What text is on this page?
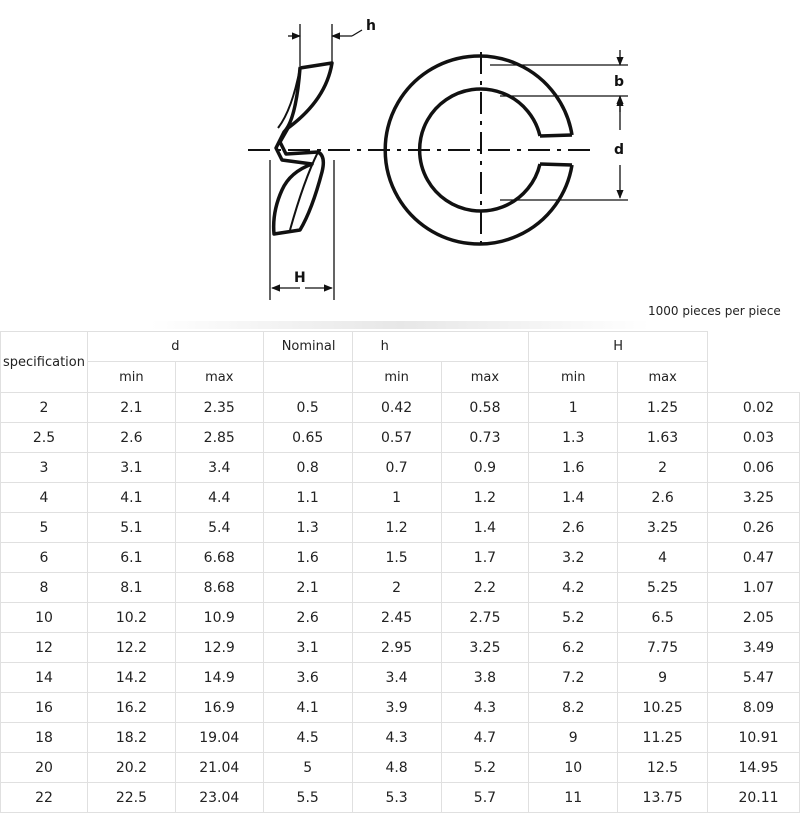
h
H
b
d
1000 pieces per piece
specification	d		Nominal	h		H		
	min	max		min	max	min	max	
2	2.1	2.35	0.5	0.42	0.58	1	1.25	0.02
2.5	2.6	2.85	0.65	0.57	0.73	1.3	1.63	0.03
3	3.1	3.4	0.8	0.7	0.9	1.6	2	0.06
4	4.1	4.4	1.1	1	1.2	1.4	2.6	3.25
5	5.1	5.4	1.3	1.2	1.4	2.6	3.25	0.26
6	6.1	6.68	1.6	1.5	1.7	3.2	4	0.47
8	8.1	8.68	2.1	2	2.2	4.2	5.25	1.07
10	10.2	10.9	2.6	2.45	2.75	5.2	6.5	2.05
12	12.2	12.9	3.1	2.95	3.25	6.2	7.75	3.49
14	14.2	14.9	3.6	3.4	3.8	7.2	9	5.47
16	16.2	16.9	4.1	3.9	4.3	8.2	10.25	8.09
18	18.2	19.04	4.5	4.3	4.7	9	11.25	10.91
20	20.2	21.04	5	4.8	5.2	10	12.5	14.95
22	22.5	23.04	5.5	5.3	5.7	11	13.75	20.11
